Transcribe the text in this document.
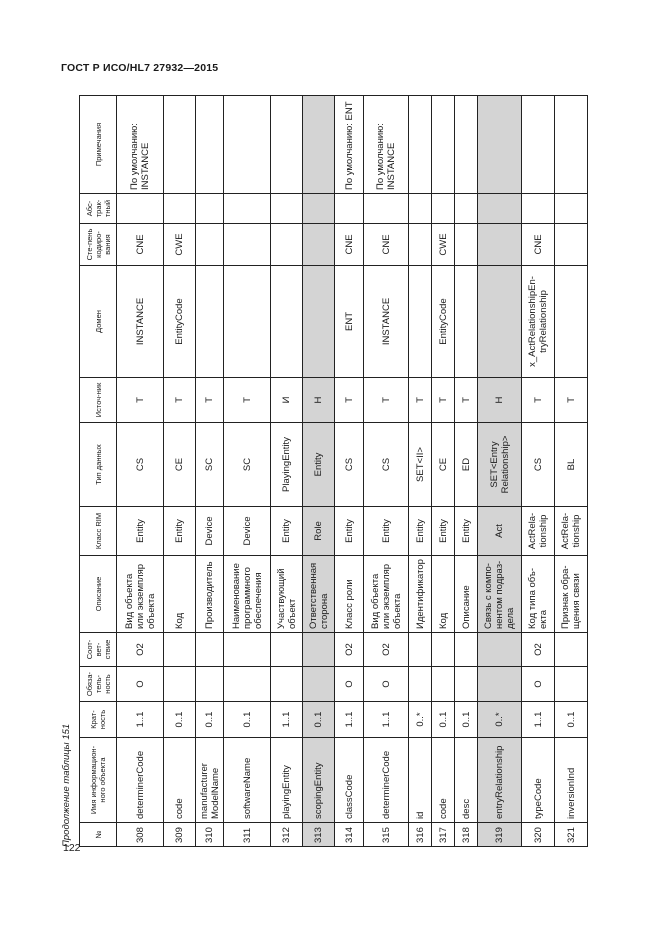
ГОСТ Р ИСО/HL7 27932—2015
Продолжение таблицы 151	№	Имя информацион-ного объекта	Крат-ность	Обяза-тель-ность	Соот-вет-ствие	Описание	Класс RIM	Тип данных	Источ-ник	Домен	Сте-пень кодиро-вания	Абс-трак-тный	Примечания
308	determinerCode	1..1	O	O2	Вид объекта или экземпляр объекта	Entity	CS	Т	INSTANCE	CNE		По умолчанию: INSTANCE
309	code	0..1			Код	Entity	CE	Т	EntityCode	CWE		
310	manufacturer ModelName	0..1			Производитель	Device	SC	Т				
311	softwareName	0..1			Наименование программного обеспечения	Device	SC	Т				
312	playingEntity	1..1			Участвующий объект	Entity	PlayingEntity	И				
313	scopingEntity	0..1			Ответственная сторона	Role	Entity	Н				
314	classCode	1..1	O	O2	Класс роли	Entity	CS	Т	ENT	CNE		По умолчанию: ENT
315	determinerCode	1..1	O	O2	Вид объекта или экземпляр объекта	Entity	CS	Т	INSTANCE	CNE		По умолчанию: INSTANCE
316	id	0..*			Идентификатор	Entity	SET<II>	Т				
317	code	0..1			Код	Entity	CE	Т	EntityCode	CWE		
318	desc	0..1			Описание	Entity	ED	Т				
319	entryRelationship	0..*			Связь с компо-нентом подраз-дела	Act	SET<Entry Relationship>	Н				
320	typeCode	1..1	O	O2	Код типа объ-екта	ActRela-tionship	CS	Т	x_ActRelationshipEn-tryRelationship	CNE		
321	inversionInd	0..1			Признак обра-щения связи	ActRela-tionship	BL	Т				
122
